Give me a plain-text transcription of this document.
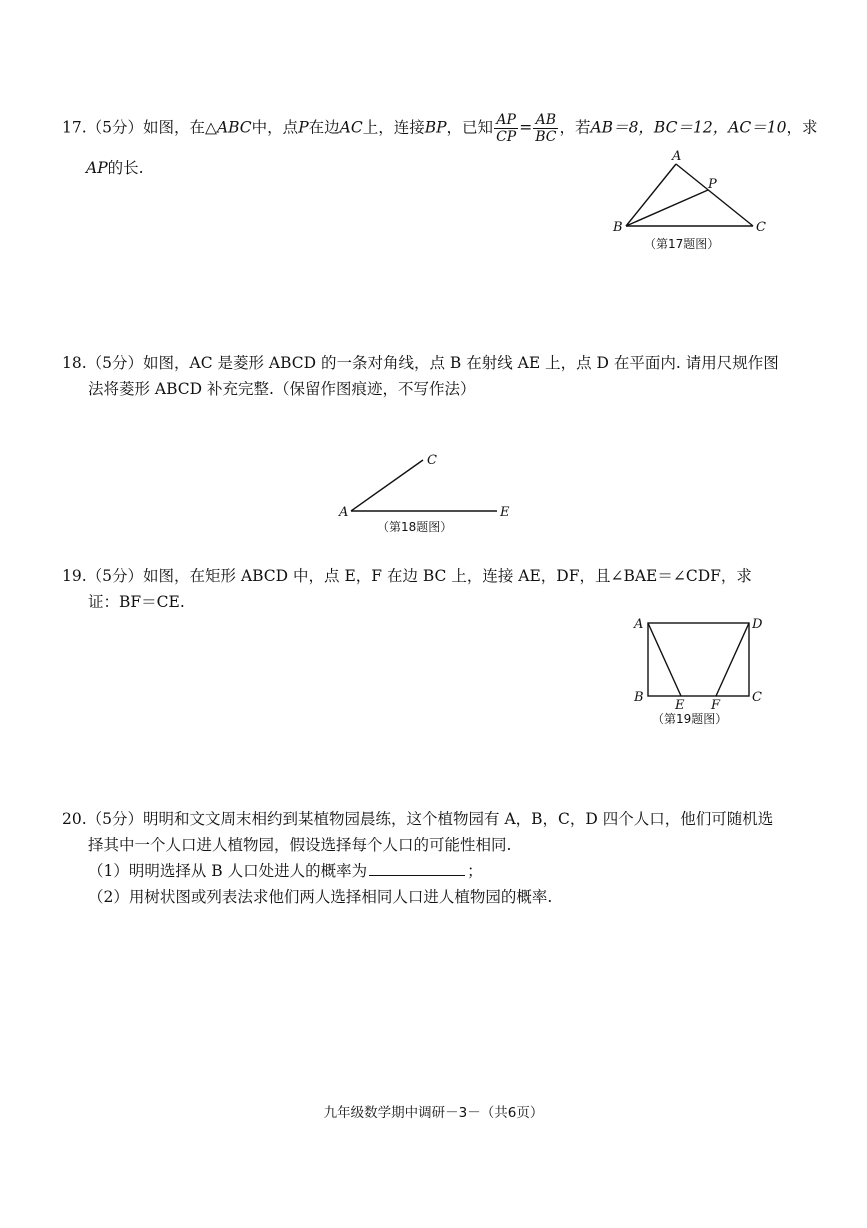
17.（5分）如图，在△ABC中，点P在边AC上，连接BP，已知 $\frac{AP}{CP} = \frac{AB}{BC}$ ，若AB＝8，BC＝12，AC＝10，求
AP的长.
A
P
B	C
（第17题图）
18.（5分）如图，AC 是菱形 ABCD 的一条对角线，点 B 在射线 AE 上，点 D 在平面内. 请用尺规作图
法将菱形 ABCD 补充完整.（保留作图痕迹，不写作法）
C
A	E
（第18题图）
19.（5分）如图，在矩形 ABCD 中，点 E，F 在边 BC 上，连接 AE，DF，且∠BAE＝∠CDF，求
证：BF＝CE.
A	D
B	C
E F
（第19题图）
20.（5分）明明和文文周末相约到某植物园晨练，这个植物园有 A，B，C，D 四个人口，他们可随机选
择其中一个人口进人植物园，假设选择每个人口的可能性相同.
（1）明明选择从 B 人口处进人的概率为	；
（2）用树状图或列表法求他们两人选择相同人口进人植物园的概率.
九年级数学期中调研－3－（共6页）
